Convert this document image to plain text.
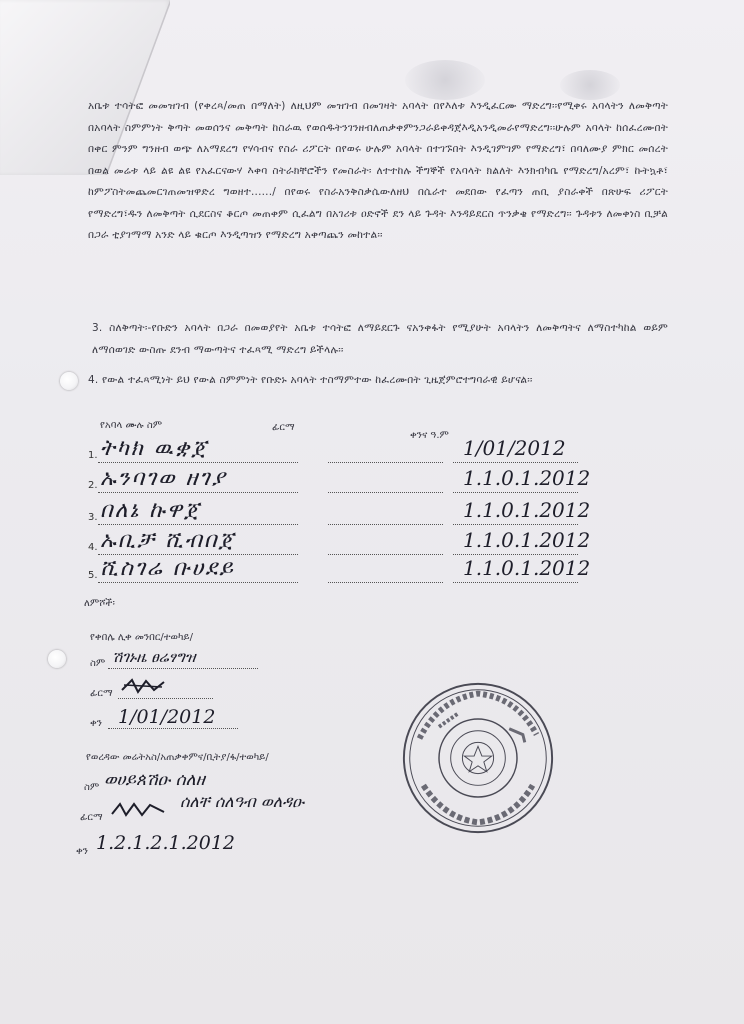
አቤቱ ተሳትፎ መመዝገብ (የቀረጻ/መጠ በማለት) ለዚህም መዝገብ በመገዛት አባላት በየእለቱ እንዲፈርሙ ማድረግ፡፡የሚቀሩ አባላትን ለመቅጣት በአባላት ስምምነት ቅጣት መወሰንና መቅጣት ከስራዉ የወሰዱትንገንዘብለጠቃቀምንጋራይቀዳጀእዲአንዲመራየማድረግ፡፡ሁሉም አባላት ከሰፈረሙበት በቀር ምንም ግንዘብ ወጭ ለአማደረግ የሃሳብና የስራ ሪፖርት በየወሩ ሁሉም አባላት በተገኙበት እንዲገምገም የማድረግ፣ በባለሙያ ምክር መሰረት በወል መሬቱ ላይ ልዩ ልዩ የአፈርናውሃ እቀባ ስትራክቸሮችን የመስራት፡ ለተተከሉ ችግኞች የአባላት ክልለት እንክብካቤ የማድረግ/አረም፣ ኩትኳቶ፣ ከምፖስትመጨመርገጠመዝዋድረ ግወዘተ....../ በየወሩ የስራአንቅስቃሴውለዘህ በሴራተ መደበው የፈጣን ጠቢ ያስራቀች በጽሁፍ ሪፖርት የማድረግ፣ዱን ለመቅጣት ሲደርስና ቆርጦ መጠቀም ሲፈልግ በአገሪቱ ዐድኖች ደን ላይ ጉዳት እንዳይደርስ ጥንቃቄ የማድረግ፡፡ ጉዳቱን ለመቀነስ ቢቻል በጋራ ቲያገማማ አንድ ላይ ቁርጦ እንዲጣዝን የማድረግ አቀጣጨን መከተል፡፡
3. ስለቅጣት፡-የቡድን አባላት በጋራ በመወያየት አቤቱ ተሳትፎ ለማይደርጉ ናአንቀፋት የሚያሁት አባላትን ለመቅጣትና ለማስተካከል ወይም ለማሰወገድ ውስጡ ደንብ ማውጣትና ተፈጻሚ ማድረግ ይችላሉ፡፡
4. የውል ተፈጻሚነት ይህ የውል ስምምነት የቡድኑ አባላት ተስማምተው ከፈረሙበት ጊዜጀምሮተግባራዊ ይሆናል፡፡
የአባላ ሙሉ ስም	ፊርማ
ቀንና ዓ.ም
1. ትካክ ዉቋጀ	1/01/2012
2. ኡንባገወ ዘገያ	1.1.0.1.2012
3. በለኔ ኩዋጀ	1.1.0.1.2012
4. ኡቢቻ ሺብበጀ	1.1.0.1.2012
5. ሺስገሬ ቡሀደይ	1.1.0.1.2012
ለምሾች፡
የቀበሌ ሊቀ መንበር/ተወካይ/
ስም ሽገኑዜ ፀሬፃግዝ
ፊርማ
ቀን 1/01/2012
የወረዳው መሬትአስ/አጠቃቀምና/ቢትያ/ፋ/ተወካይ/
ስም ወሀይጰሽዑ ሰለዘ
ፊርማ
ሰለቸ ሰለዓብ ወለዳዑ
ቀን 1.2.1.2.1.2012
